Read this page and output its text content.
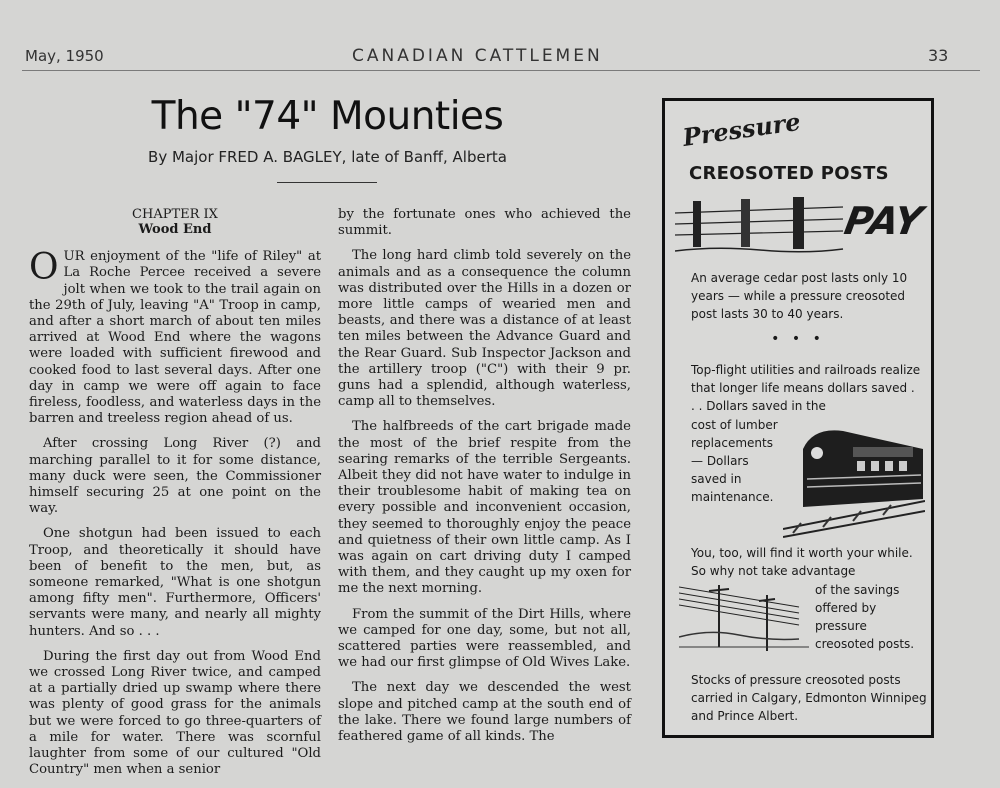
May, 1950	CANADIAN CATTLEMEN	33
The "74" Mounties
By Major FRED A. BAGLEY, late of Banff, Alberta
CHAPTER IX
Wood End

OUR enjoyment of the "life of Riley" at La Roche Percee received a severe jolt when we took to the trail again on the 29th of July, leaving "A" Troop in camp, and after a short march of about ten miles arrived at Wood End where the wagons were loaded with sufficient firewood and cooked food to last several days. After one day in camp we were off again to face fireless, foodless, and waterless days in the barren and treeless region ahead of us.

After crossing Long River (?) and marching parallel to it for some distance, many duck were seen, the Commissioner himself securing 25 at one point on the way.

One shotgun had been issued to each Troop, and theoretically it should have been of benefit to the men, but, as someone remarked, "What is one shotgun among fifty men". Furthermore, Officers' servants were many, and nearly all mighty hunters. And so . . .

During the first day out from Wood End we crossed Long River twice, and camped at a partially dried up swamp where there was plenty of good grass for the animals but we were forced to go three-quarters of a mile for water. There was scornful laughter from some of our cultured "Old Country" men when a senior

by the fortunate ones who achieved the summit.

The long hard climb told severely on the animals and as a consequence the column was distributed over the Hills in a dozen or more little camps of wearied men and beasts, and there was a distance of at least ten miles between the Advance Guard and the Rear Guard. Sub Inspector Jackson and the artillery troop ("C") with their 9 pr. guns had a splendid, although waterless, camp all to themselves.

The halfbreeds of the cart brigade made the most of the brief respite from the searing remarks of the terrible Sergeants. Albeit they did not have water to indulge in their troublesome habit of making tea on every possible and inconvenient occasion, they seemed to thoroughly enjoy the peace and quietness of their own little camp. As I was again on cart driving duty I camped with them, and they caught up my oxen for me the next morning.

From the summit of the Dirt Hills, where we camped for one day, some, but not all, scattered parties were reassembled, and we had our first glimpse of Old Wives Lake.

The next day we descended the west slope and pitched camp at the south end of the lake. There we found large numbers of feathered game of all kinds. The

Pressure
CREOSOTED POSTS
PAY
An average cedar post lasts only 10 years — while a pressure creosoted post lasts 30 to 40 years.
• • •
Top-flight utilities and railroads realize that longer life means dollars saved . . . Dollars saved in the
cost of lumber replacements — Dollars saved in maintenance.
You, too, will find it worth your while. So why not take advantage
of the savings offered by pressure creosoted posts.
Stocks of pressure creosoted posts carried in Calgary, Edmonton Winnipeg and Prince Albert.
